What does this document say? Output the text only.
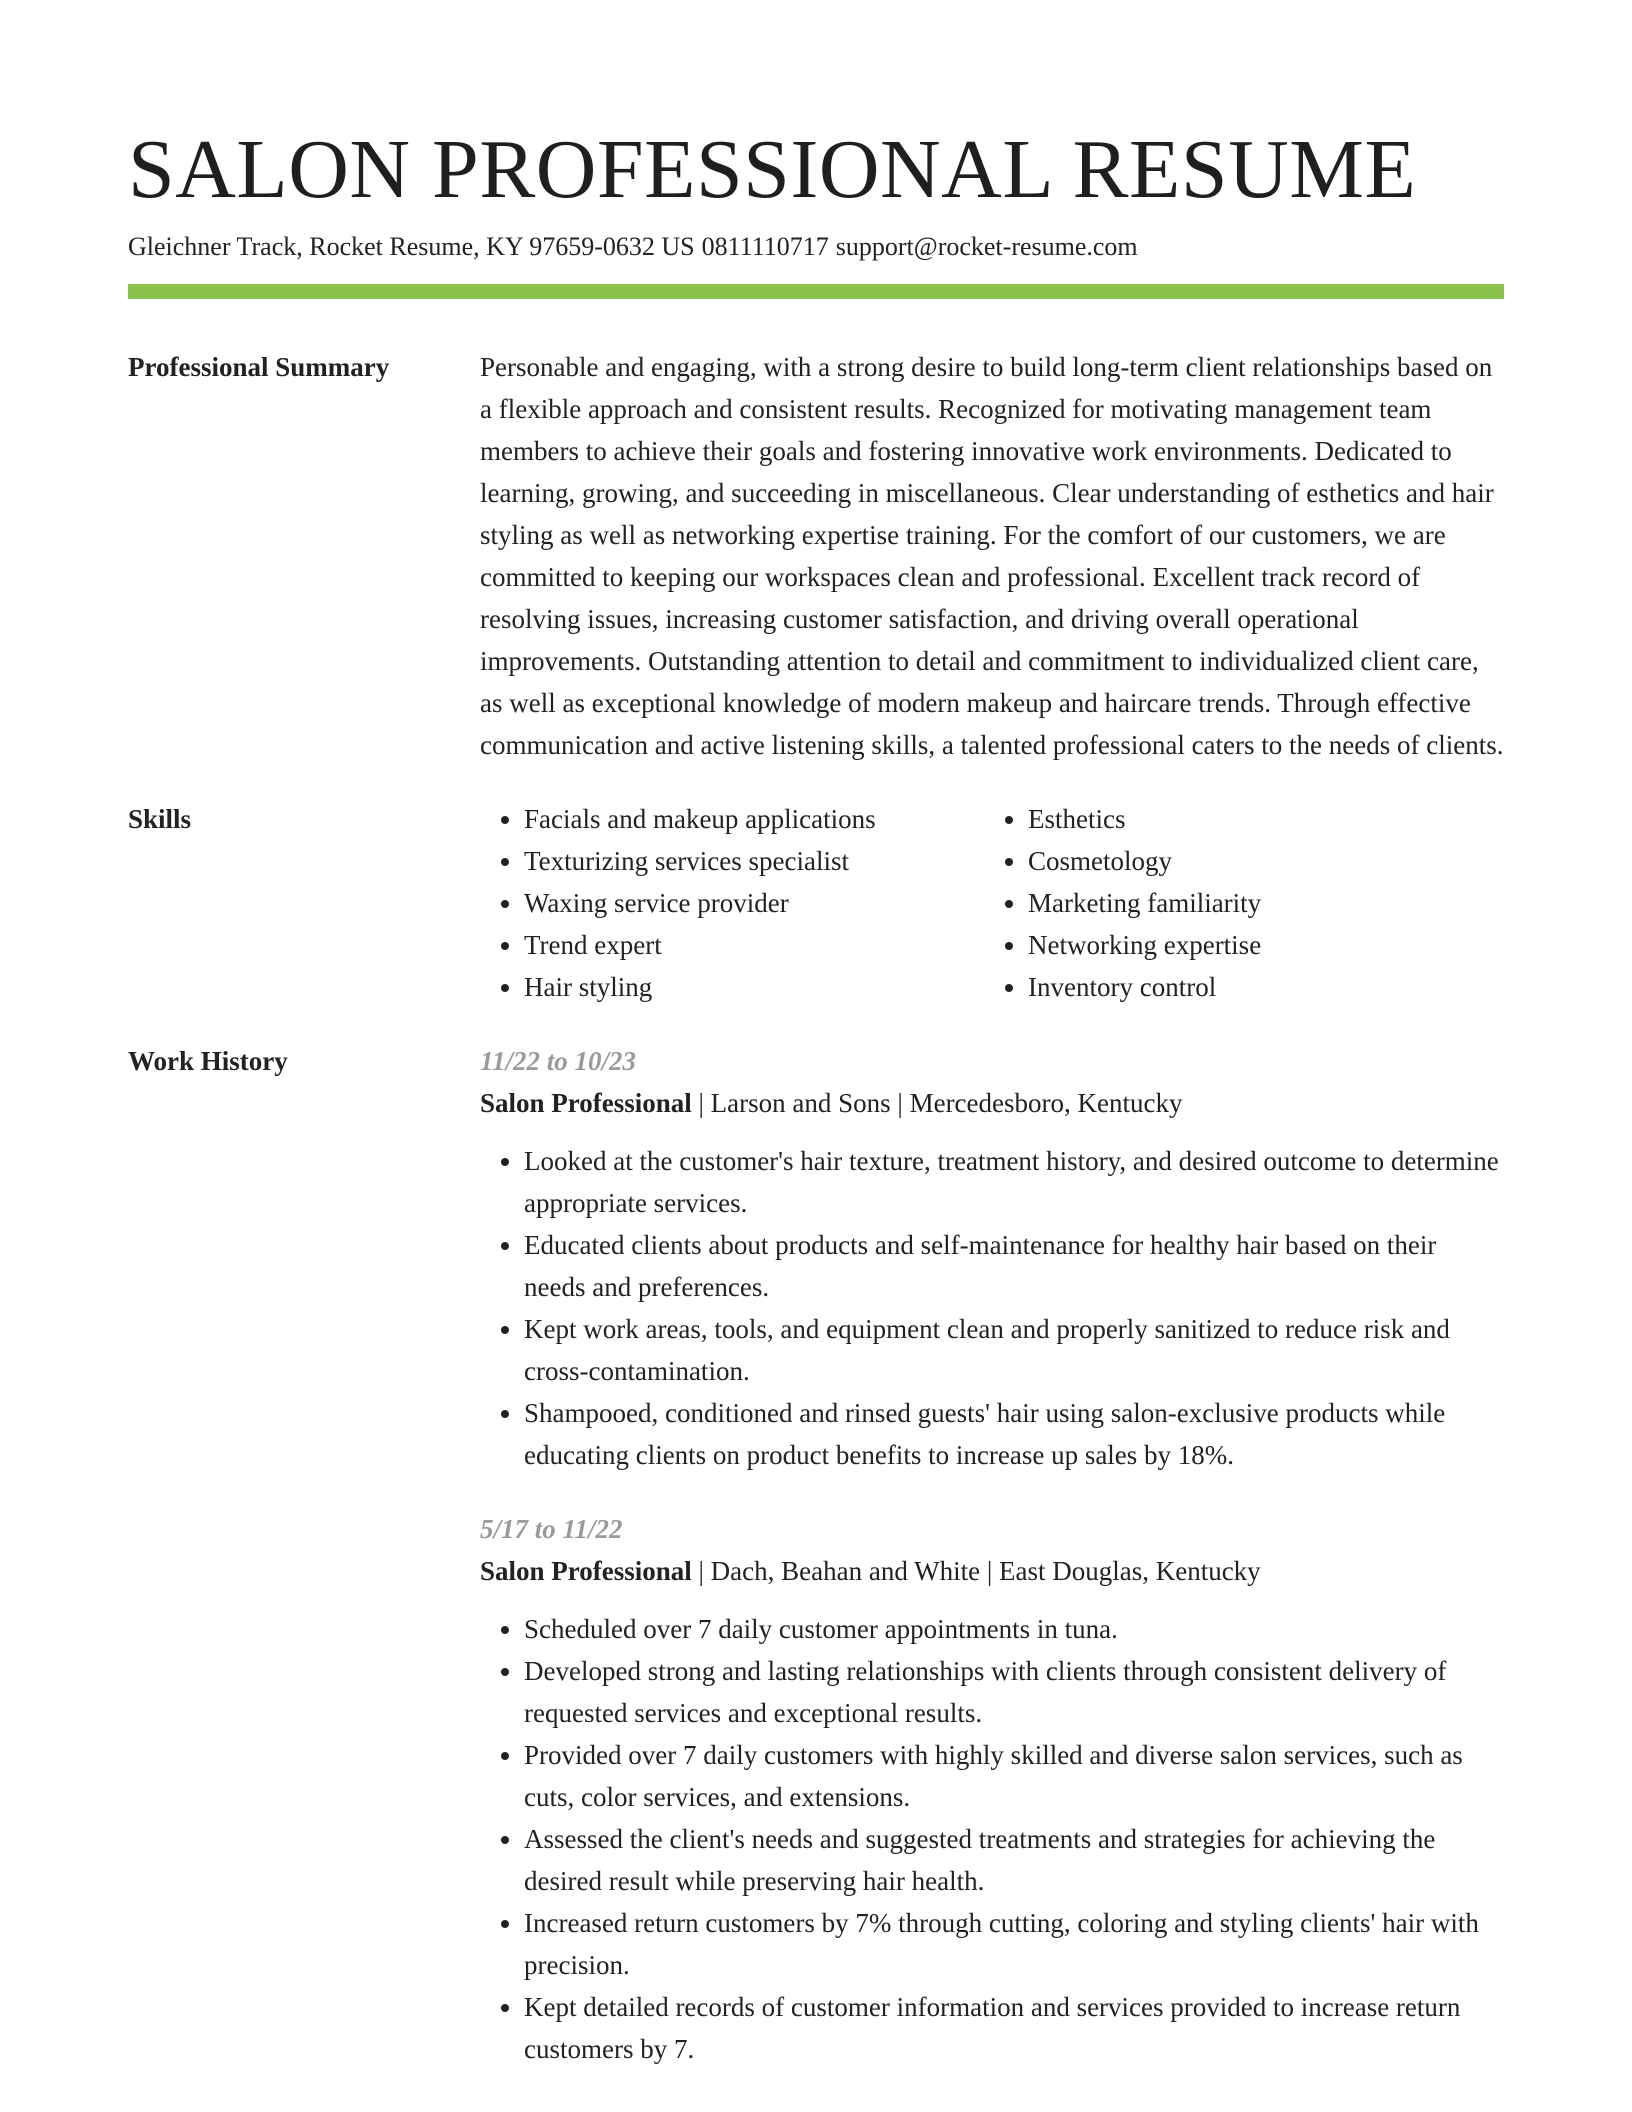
SALON PROFESSIONAL RESUME
Gleichner Track, Rocket Resume, KY 97659-0632 US 0811110717 support@rocket-resume.com
Professional Summary	Personable and engaging, with a strong desire to build long-term client relationships based on a flexible approach and consistent results. Recognized for motivating management team members to achieve their goals and fostering innovative work environments. Dedicated to learning, growing, and succeeding in miscellaneous. Clear understanding of esthetics and hair styling as well as networking expertise training. For the comfort of our customers, we are committed to keeping our workspaces clean and professional. Excellent track record of resolving issues, increasing customer satisfaction, and driving overall operational improvements. Outstanding attention to detail and commitment to individualized client care, as well as exceptional knowledge of modern makeup and haircare trends. Through effective communication and active listening skills, a talented professional caters to the needs of clients.

Skills
•	Facials and makeup applications
• Texturizing services specialist
• Waxing service provider
• Trend expert
• Hair styling
• Esthetics
• Cosmetology
• Marketing familiarity
• Networking expertise
• Inventory control
Work History	11/22 to 10/23
Salon Professional | Larson and Sons | Mercedesboro, Kentucky
• Looked at the customer's hair texture, treatment history, and desired outcome to determine appropriate services.
• Educated clients about products and self-maintenance for healthy hair based on their needs and preferences.
• Kept work areas, tools, and equipment clean and properly sanitized to reduce risk and cross-contamination.
• Shampooed, conditioned and rinsed guests' hair using salon-exclusive products while educating clients on product benefits to increase up sales by 18%.
5/17 to 11/22
Salon Professional | Dach, Beahan and White | East Douglas, Kentucky
• Scheduled over 7 daily customer appointments in tuna.
• Developed strong and lasting relationships with clients through consistent delivery of requested services and exceptional results.
• Provided over 7 daily customers with highly skilled and diverse salon services, such as cuts, color services, and extensions.
• Assessed the client's needs and suggested treatments and strategies for achieving the desired result while preserving hair health.
• Increased return customers by 7% through cutting, coloring and styling clients' hair with precision.
• Kept detailed records of customer information and services provided to increase return customers by 7.
